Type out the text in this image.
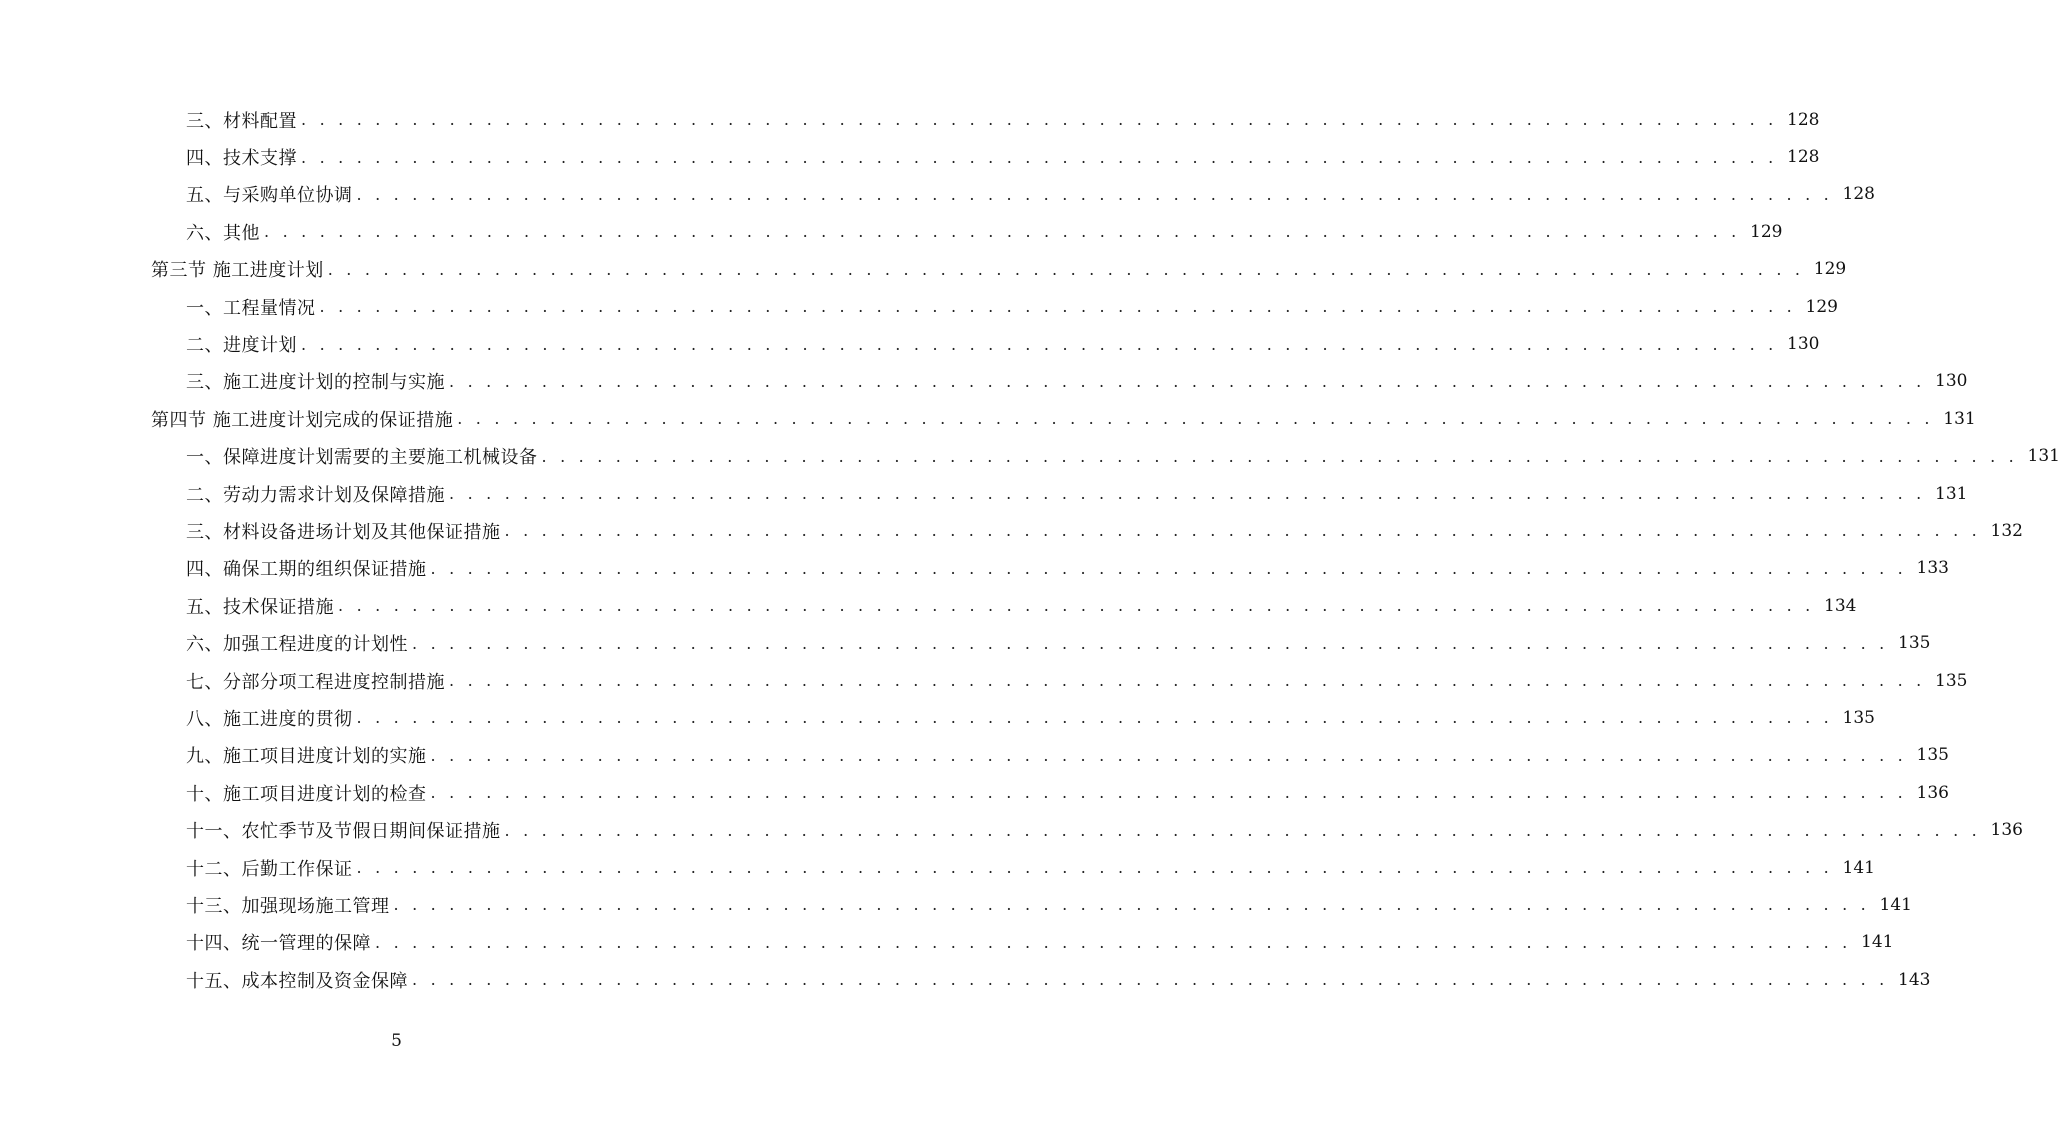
三、材料配置 . . . . . . . . . . . . . . . . . . . . . . . . . . . . . . . . . . . . . . . . . . . . . . . . . . . . . . . . . . . . . . . . . . . . . . . . . . . . . . . . 128
四、技术支撑 . . . . . . . . . . . . . . . . . . . . . . . . . . . . . . . . . . . . . . . . . . . . . . . . . . . . . . . . . . . . . . . . . . . . . . . . . . . . . . . . 128
五、与采购单位协调 . . . . . . . . . . . . . . . . . . . . . . . . . . . . . . . . . . . . . . . . . . . . . . . . . . . . . . . . . . . . . . . . . . . . . . . . . . . . . . . . 128
六、其他 . . . . . . . . . . . . . . . . . . . . . . . . . . . . . . . . . . . . . . . . . . . . . . . . . . . . . . . . . . . . . . . . . . . . . . . . . . . . . . . . 129
第三节 施工进度计划 . . . . . . . . . . . . . . . . . . . . . . . . . . . . . . . . . . . . . . . . . . . . . . . . . . . . . . . . . . . . . . . . . . . . . . . . . . . . . . . . 129
一、工程量情况 . . . . . . . . . . . . . . . . . . . . . . . . . . . . . . . . . . . . . . . . . . . . . . . . . . . . . . . . . . . . . . . . . . . . . . . . . . . . . . . . 129
二、进度计划 . . . . . . . . . . . . . . . . . . . . . . . . . . . . . . . . . . . . . . . . . . . . . . . . . . . . . . . . . . . . . . . . . . . . . . . . . . . . . . . . 130
三、施工进度计划的控制与实施 . . . . . . . . . . . . . . . . . . . . . . . . . . . . . . . . . . . . . . . . . . . . . . . . . . . . . . . . . . . . . . . . . . . . . . . . . . . . . . . . 130
第四节 施工进度计划完成的保证措施 . . . . . . . . . . . . . . . . . . . . . . . . . . . . . . . . . . . . . . . . . . . . . . . . . . . . . . . . . . . . . . . . . . . . . . . . . . . . . . . . 131
一、保障进度计划需要的主要施工机械设备 . . . . . . . . . . . . . . . . . . . . . . . . . . . . . . . . . . . . . . . . . . . . . . . . . . . . . . . . . . . . . . . . . . . . . . . . . . . . . . . . 131
二、劳动力需求计划及保障措施 . . . . . . . . . . . . . . . . . . . . . . . . . . . . . . . . . . . . . . . . . . . . . . . . . . . . . . . . . . . . . . . . . . . . . . . . . . . . . . . . 131
三、材料设备进场计划及其他保证措施 . . . . . . . . . . . . . . . . . . . . . . . . . . . . . . . . . . . . . . . . . . . . . . . . . . . . . . . . . . . . . . . . . . . . . . . . . . . . . . . . 132
四、确保工期的组织保证措施 . . . . . . . . . . . . . . . . . . . . . . . . . . . . . . . . . . . . . . . . . . . . . . . . . . . . . . . . . . . . . . . . . . . . . . . . . . . . . . . . 133
五、技术保证措施 . . . . . . . . . . . . . . . . . . . . . . . . . . . . . . . . . . . . . . . . . . . . . . . . . . . . . . . . . . . . . . . . . . . . . . . . . . . . . . . . 134
六、加强工程进度的计划性 . . . . . . . . . . . . . . . . . . . . . . . . . . . . . . . . . . . . . . . . . . . . . . . . . . . . . . . . . . . . . . . . . . . . . . . . . . . . . . . . 135
七、分部分项工程进度控制措施 . . . . . . . . . . . . . . . . . . . . . . . . . . . . . . . . . . . . . . . . . . . . . . . . . . . . . . . . . . . . . . . . . . . . . . . . . . . . . . . . 135
八、施工进度的贯彻 . . . . . . . . . . . . . . . . . . . . . . . . . . . . . . . . . . . . . . . . . . . . . . . . . . . . . . . . . . . . . . . . . . . . . . . . . . . . . . . . 135
九、施工项目进度计划的实施 . . . . . . . . . . . . . . . . . . . . . . . . . . . . . . . . . . . . . . . . . . . . . . . . . . . . . . . . . . . . . . . . . . . . . . . . . . . . . . . . 135
十、施工项目进度计划的检查 . . . . . . . . . . . . . . . . . . . . . . . . . . . . . . . . . . . . . . . . . . . . . . . . . . . . . . . . . . . . . . . . . . . . . . . . . . . . . . . . 136
十一、农忙季节及节假日期间保证措施 . . . . . . . . . . . . . . . . . . . . . . . . . . . . . . . . . . . . . . . . . . . . . . . . . . . . . . . . . . . . . . . . . . . . . . . . . . . . . . . . 136
十二、后勤工作保证 . . . . . . . . . . . . . . . . . . . . . . . . . . . . . . . . . . . . . . . . . . . . . . . . . . . . . . . . . . . . . . . . . . . . . . . . . . . . . . . . 141
十三、加强现场施工管理 . . . . . . . . . . . . . . . . . . . . . . . . . . . . . . . . . . . . . . . . . . . . . . . . . . . . . . . . . . . . . . . . . . . . . . . . . . . . . . . . 141
十四、统一管理的保障 . . . . . . . . . . . . . . . . . . . . . . . . . . . . . . . . . . . . . . . . . . . . . . . . . . . . . . . . . . . . . . . . . . . . . . . . . . . . . . . . 141
十五、成本控制及资金保障 . . . . . . . . . . . . . . . . . . . . . . . . . . . . . . . . . . . . . . . . . . . . . . . . . . . . . . . . . . . . . . . . . . . . . . . . . . . . . . . . 143
5
